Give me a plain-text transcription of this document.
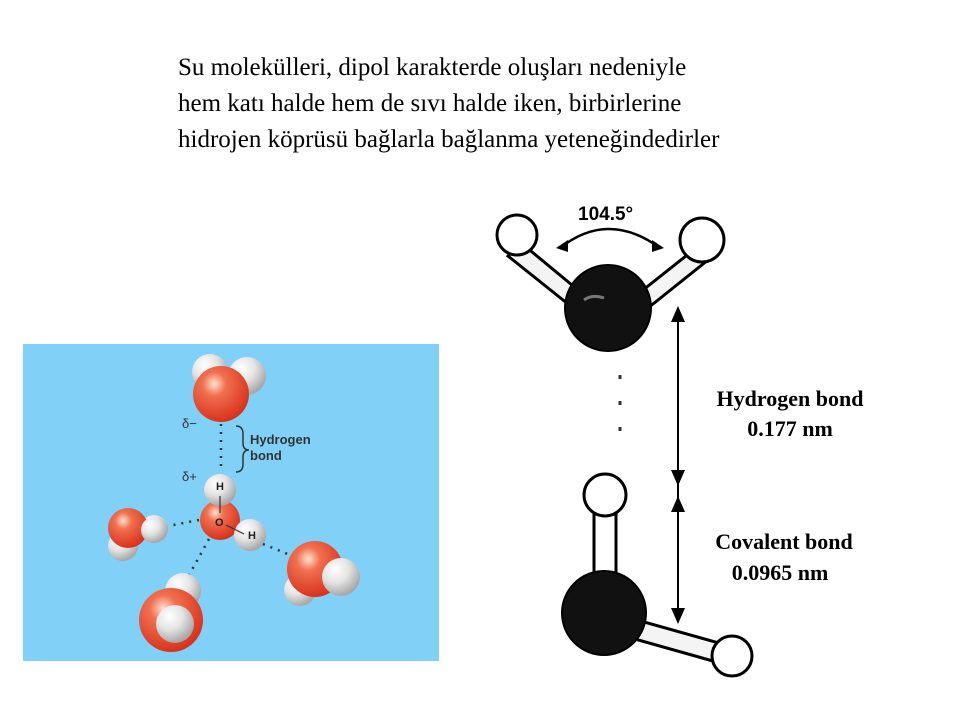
Su molekülleri, dipol karakterde oluşları nedeniyle
hem katı halde hem de sıvı halde iken, birbirlerine
hidrojen köprüsü bağlarla bağlanma yeteneğindedirler
δ−
δ+
Hydrogen
bond
H
O
H
104.5°
Hydrogen bond
0.177 nm
Covalent bond
0.0965 nm
